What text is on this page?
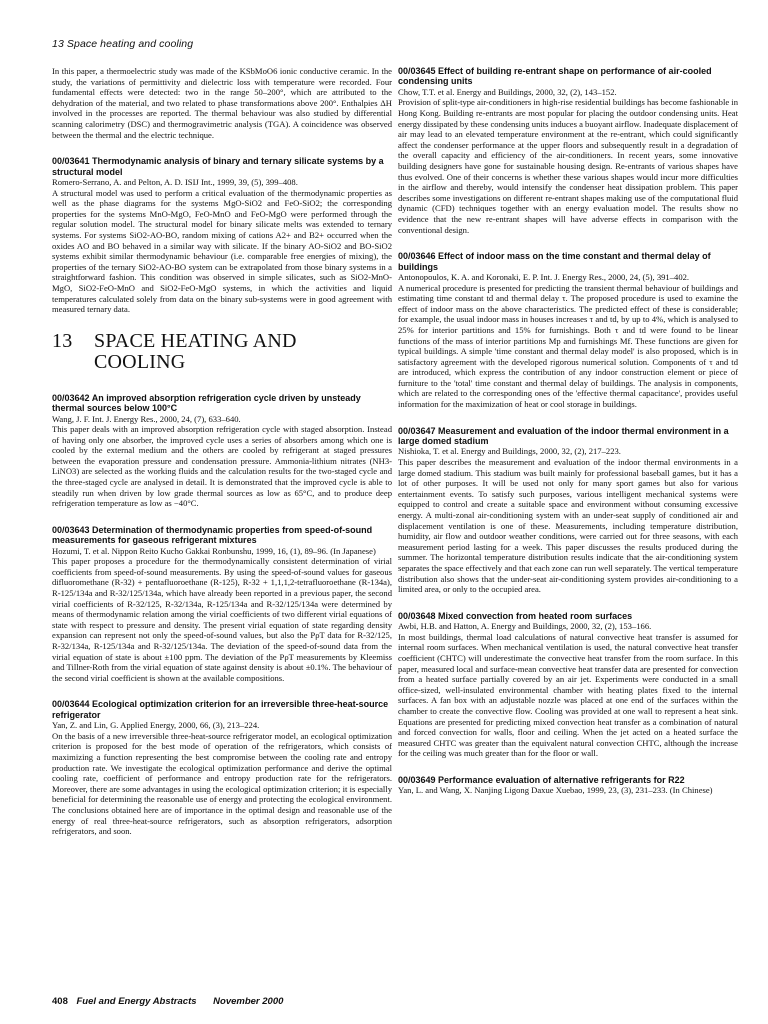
13 Space heating and cooling

In this paper, a thermoelectric study was made of the KSbMoO6 ionic conductive ceramic. In the study, the variations of permittivity and dielectric loss with temperature were recorded. Four fundamental effects were detected: two in the range 50–200°, which are attributed to the dehydration of the material, and two related to phase transformations above 200°. Enthalpies ΔH involved in the processes are reported. The thermal behaviour was also studied by differential scanning calorimetry (DSC) and thermogravimetric analysis (TGA). A coincidence was observed between the thermal and the electric technique.

00/03641 Thermodynamic analysis of binary and ternary silicate systems by a structural model

Romero-Serrano, A. and Pelton, A. D. ISIJ Int., 1999, 39, (5), 399–408.

A structural model was used to perform a critical evaluation of the thermodynamic properties as well as the phase diagrams for the systems MgO-SiO2 and FeO-SiO2; the corresponding properties for the systems MnO-MgO, FeO-MnO and FeO-MgO were performed through the regular solution model. The structural model for binary silicate melts was extended to ternary systems. For systems SiO2-AO-BO, random mixing of cations A2+ and B2+ occurred when the oxides AO and BO behaved in a similar way with silicate. If the binary AO-SiO2 and BO-SiO2 systems exhibit similar thermodynamic behaviour (i.e. comparable free energies of mixing), the properties of the ternary SiO2-AO-BO system can be extrapolated from those binary systems in a straightforward fashion. This condition was observed in simple silicates, such as SiO2-MnO-MgO, SiO2-FeO-MnO and SiO2-FeO-MgO systems, in which the activities and liquid temperatures calculated solely from data on the binary sub-systems were in good agreement with measured ternary data.

13	SPACE HEATING AND COOLING

00/03642 An improved absorption refrigeration cycle driven by unsteady thermal sources below 100°C

Wang, J. F. Int. J. Energy Res., 2000, 24, (7), 633–640.

This paper deals with an improved absorption refrigeration cycle with staged absorption. Instead of having only one absorber, the improved cycle uses a series of absorbers among which one is cooled by the external medium and the others are cooled by refrigerant at staged pressures between the evaporation pressure and condensation pressure. Ammonia-lithium nitrates (NH3-LiNO3) are selected as the working fluids and the calculation results for the two-staged cycle and the three-staged cycle are analysed in detail. It is demonstrated that the improved cycle is able to steadily run when driven by low grade thermal sources as low as 65°C, and to produce deep refrigeration temperature as low as −40°C.

00/03643 Determination of thermodynamic properties from speed-of-sound measurements for gaseous refrigerant mixtures

Hozumi, T. et al. Nippon Reito Kucho Gakkai Ronbunshu, 1999, 16, (1), 89–96. (In Japanese)

This paper proposes a procedure for the thermodynamically consistent determination of virial coefficients from speed-of-sound measurements. By using the speed-of-sound values for gaseous difluoromethane (R-32) + pentafluoroethane (R-125), R-32 + 1,1,1,2-tetrafluoroethane (R-134a), R-125/134a and R-32/125/134a, which have already been reported in a previous paper, the second virial coefficients of R-32/125, R-32/134a, R-125/134a and R-32/125/134a were determined by means of thermodynamic relation among the virial coefficients of two different virial equations of state with respect to pressure and density. The present virial equation of state regarding density expansion can represent not only the speed-of-sound values, but also the PρT data for R-32/125, R-32/134a, R-125/134a and R-32/125/134a. The deviation of the speed-of-sound data from the virial equation of state is about ±100 ppm. The deviation of the PρT measurements by Kleemiss and Tillner-Roth from the virial equation of state against density is about ±0.1%. The behaviour of the second virial coefficient is shown at the available compositions.

00/03644 Ecological optimization criterion for an irreversible three-heat-source refrigerator

Yan, Z. and Lin, G. Applied Energy, 2000, 66, (3), 213–224.

On the basis of a new irreversible three-heat-source refrigerator model, an ecological optimization criterion is proposed for the best mode of operation of the refrigerators, which consists of maximizing a function representing the best compromise between the cooling rate and entropy production rate. We investigate the ecological optimization performance and derive the optimal cooling rate, coefficient of performance and entropy production rate for the refrigerators. Moreover, there are some advantages in using the ecological optimization criterion; it is especially beneficial for determining the reasonable use of energy and protecting the ecological environment. The conclusions obtained here are of importance in the optimal design and reasonable use of the energy of real three-heat-source refrigerators, such as absorption refrigerators, adsorption refrigerators, and soon.

00/03645 Effect of building re-entrant shape on performance of air-cooled condensing units

Chow, T.T. et al. Energy and Buildings, 2000, 32, (2), 143–152.

Provision of split-type air-conditioners in high-rise residential buildings has become fashionable in Hong Kong. Building re-entrants are most popular for placing the outdoor condensing units. Heat energy dissipated by these condensing units induces a buoyant airflow. Inadequate displacement of air may lead to an elevated temperature environment at the re-entrant, which could significantly affect the condenser performance at the upper floors and subsequently result in a degradation of the overall capacity and efficiency of the air-conditioners. In recent years, some innovative building designers have gone for sustainable housing design. Re-entrants of various shapes have thus evolved. One of their concerns is whether these various shapes would incur more difficulties in the airflow and thereby, would intensify the condenser heat dissipation problem. This paper describes some investigations on different re-entrant shapes making use of the computational fluid dynamic (CFD) techniques together with an energy evaluation model. The results show no evidence that the new re-entrant shapes will have adverse effects in comparison with the conventional design.

00/03646 Effect of indoor mass on the time constant and thermal delay of buildings

Antonopoulos, K. A. and Koronaki, E. P. Int. J. Energy Res., 2000, 24, (5), 391–402.

A numerical procedure is presented for predicting the transient thermal behaviour of buildings and estimating time constant td and thermal delay τ. The proposed procedure is used to examine the effect of indoor mass on the above characteristics. The predicted effect of these is considerable; for example, the usual indoor mass in houses increases τ and td, by up to 4%, which is analysed to 25% for interior partitions and 15% for furnishings. Both τ and td were found to be linear functions of the mass of interior partitions Mp and furnishings Mf. These functions are given for typical buildings. A simple 'time constant and thermal delay model' is also proposed, which is in satisfactory agreement with the developed rigorous numerical solution. Components of τ and td are introduced, which express the contribution of any indoor construction element or piece of furniture to the 'total' time constant and thermal delay of buildings. The analysis in components, which are related to the corresponding ones of the 'effective thermal capacitance', provides useful information for the maximization of heat or cool storage in buildings.

00/03647 Measurement and evaluation of the indoor thermal environment in a large domed stadium

Nishioka, T. et al. Energy and Buildings, 2000, 32, (2), 217–223.

This paper describes the measurement and evaluation of the indoor thermal environments in a large domed stadium. This stadium was built mainly for professional baseball games, but it has a lot of other purposes. It will be used not only for many sport games but also for various entertainment events. To satisfy such purposes, various intelligent mechanical systems were equipped to control and create a suitable space and environment without consuming excessive energy. A multi-zonal air-conditioning system with an under-seat supply of conditioned air and displacement ventilation is one of these. Measurements, including temperature distribution, humidity, air flow and outdoor weather conditions, were carried out for three seasons, with each measurement period lasting for a week. This paper discusses the results produced during the summer. The horizontal temperature distribution results indicate that the air-conditioning system separates the space effectively and that each zone can run well separately. The vertical temperature distribution also shows that the under-seat air-conditioning system provides air-conditioning to a limited area, or only to the occupied area.

00/03648 Mixed convection from heated room surfaces

Awbi, H.B. and Hatton, A. Energy and Buildings, 2000, 32, (2), 153–166.

In most buildings, thermal load calculations of natural convective heat transfer is assumed for internal room surfaces. When mechanical ventilation is used, the natural convective heat transfer coefficient (CHTC) will underestimate the convective heat transfer from the room surface. In this paper, measured local and surface-mean convective heat transfer data are presented for convection from a heated surface partially covered by an air jet. Experiments were conducted in a small office-sized, well-insulated environmental chamber with heating plates fixed to the internal surfaces. A fan box with an adjustable nozzle was placed at one end of the surfaces within the chamber to create the convective flow. Cooling was provided at one wall to represent a heat sink. Equations are presented for predicting mixed convection heat transfer as a combination of natural and forced convection for walls, floor and ceiling. When the jet acted on a heated surface the measured CHTC was greater than the equivalent natural convection CHTC, although the increase for the ceiling was much greater than for the floor or wall.

00/03649 Performance evaluation of alternative refrigerants for R22

Yan, L. and Wang, X. Nanjing Ligong Daxue Xuebao, 1999, 23, (3), 231–233. (In Chinese)

408 Fuel and Energy Abstracts November 2000
